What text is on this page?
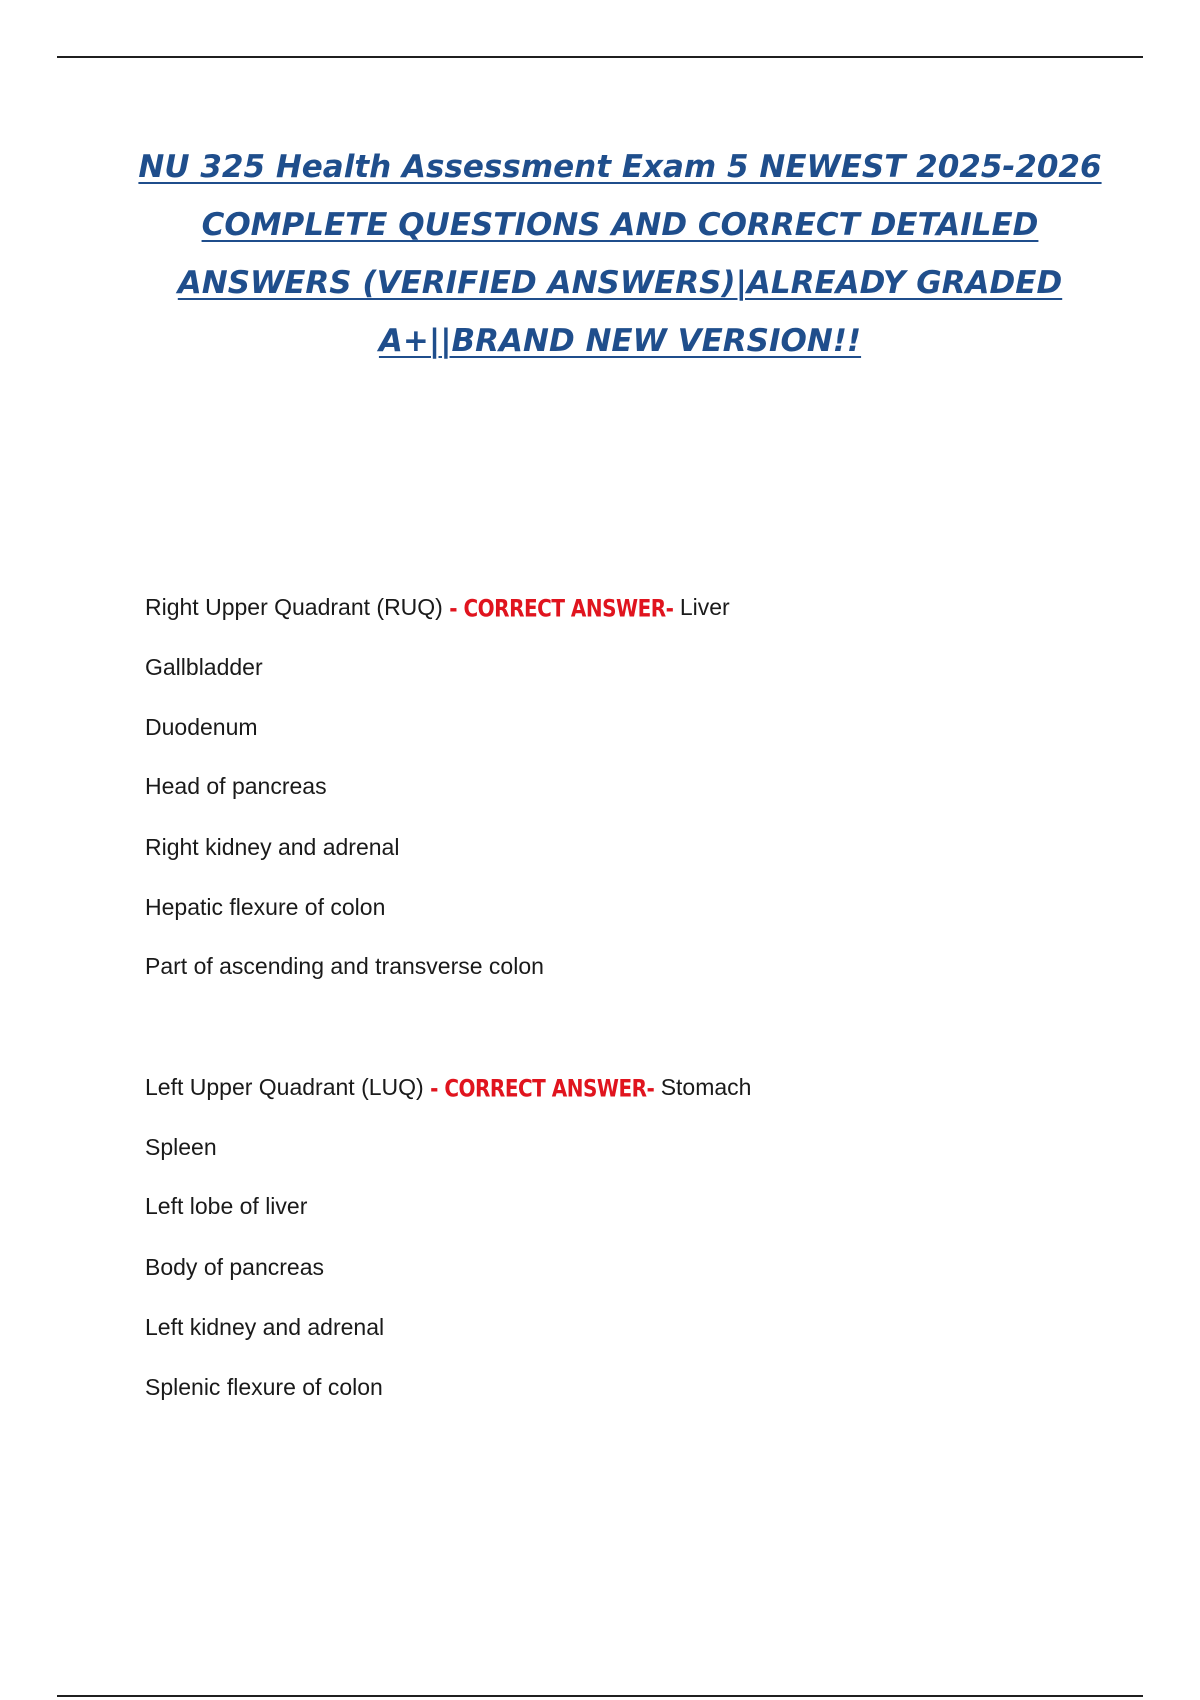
NU 325 Health Assessment Exam 5 NEWEST 2025-2026 COMPLETE QUESTIONS AND CORRECT DETAILED ANSWERS (VERIFIED ANSWERS)|ALREADY GRADED A+||BRAND NEW VERSION!!

Right Upper Quadrant (RUQ) - CORRECT ANSWER- Liver

Gallbladder

Duodenum

Head of pancreas

Right kidney and adrenal

Hepatic flexure of colon

Part of ascending and transverse colon

Left Upper Quadrant (LUQ) - CORRECT ANSWER- Stomach

Spleen

Left lobe of liver

Body of pancreas

Left kidney and adrenal

Splenic flexure of colon
